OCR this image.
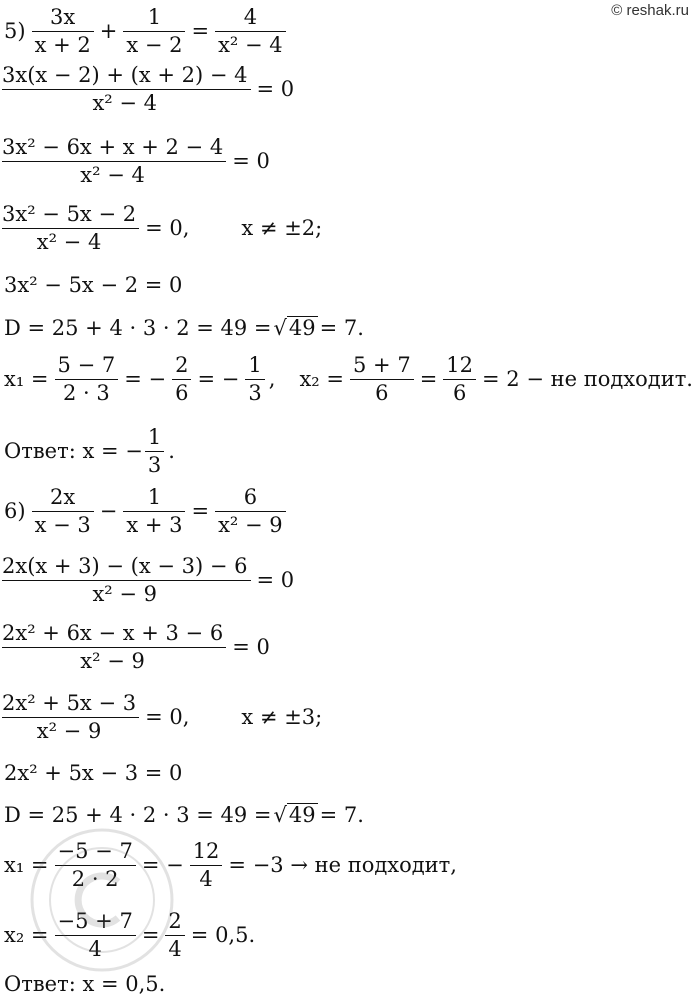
© reshak.ru
$5) \frac{3x}{x + 2} + \frac{1}{x - 2} = \frac{4}{\text{x² − 4}}$
$\frac{3x(x - 2) + (x + 2) - 4}{\text{x² − 4}} = 0$
$\frac{\text{3x² − 6x + x + 2 − 4}}{\text{x² − 4}} = 0$
$\frac{\text{3x² − 5x − 2}}{\text{x² − 4}} = 0$, x ≠ ±2;
3x² − 5x − 2 = 0
D = 25 + 4 · 3 · 2 = 49 = √ 49 = 7.
$x_1 = \frac{5 - 7}{2 \cdot 3}$ = − $\frac{2}{6}$ = − $\frac{1}{3}$ , $x_2 = \frac{5 + 7}{6} = \frac{12}{6} = 2$ − не подходит.
Ответ: x = − $\frac{1}{3}$ .
$6) \frac{2x}{x - 3} - \frac{1}{x + 3} = \frac{6}{\text{x² − 9}}$
$\frac{2x(x + 3) - (x - 3) - 6}{\text{x² − 9}} = 0$
$\frac{\text{2x² + 6x − x + 3 − 6}}{\text{x² − 9}} = 0$
$\frac{\text{2x² + 5x − 3}}{\text{x² − 9}} = 0$, x ≠ ±3;
2x² + 5x − 3 = 0
D = 25 + 4 · 2 · 3 = 49 = √ 49 = 7.
$x_1 = \frac{-5 - 7}{2 \cdot 2}$ = − $\frac{12}{4} = -3$ → не подходит,
$x_2 = \frac{-5 + 7}{4} = \frac{2}{4} = 0,5$.
Ответ: x = 0,5.
